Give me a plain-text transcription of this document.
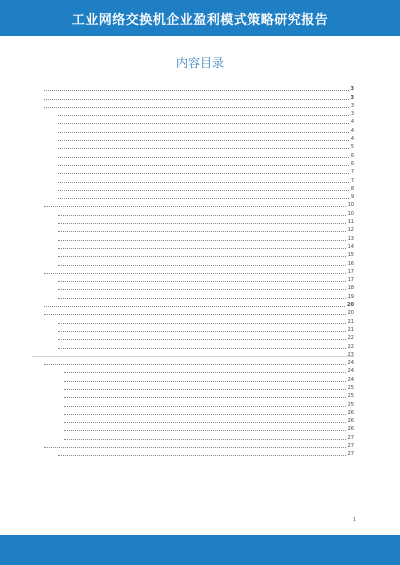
工业网络交换机企业盈利模式策略研究报告
内容目录
3
3
3
3
4
4
4
5
6
6
7
7
8
9
10
10
11
12
13
14
15
16
17
17
18
19
20
20
21
21
22
22
23
24
24
24
25
25
25
26
26
26
27
27
27
1
